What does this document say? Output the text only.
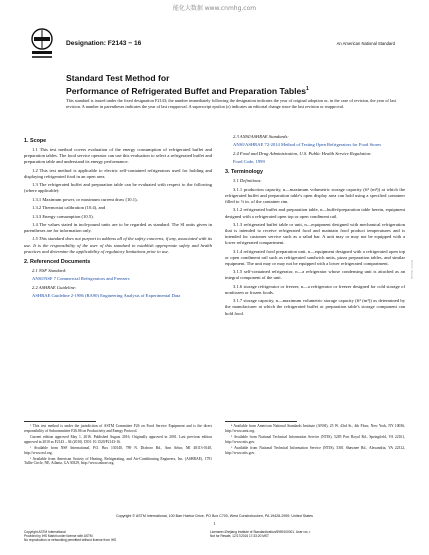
能化大数据 www.cnmhg.com
Designation: F2143 − 16	An American National Standard
Standard Test Method for
Performance of Refrigerated Buffet and Preparation Tables$^1$
This standard is issued under the fixed designation F2143; the number immediately following the designation indicates the year of original adoption or, in the case of revision, the year of last revision. A number in parentheses indicates the year of last reapproval. A superscript epsilon (ε) indicates an editorial change since the last revision or reapproval.
1. Scope

1.1 This test method covers evaluation of the energy consumption of refrigerated buffet and preparation tables. The food service operator can use this evaluation to select a refrigerated buffet and preparation table and understand its energy performance.

1.2 This test method is applicable to electric self-contained refrigerators used for holding and displaying refrigerated food in an open area.

1.3 The refrigerated buffet and preparation table can be evaluated with respect to the following (where applicable):

1.3.1 Maximum power, or maximum current draw (10.1),

1.3.2 Thermostat calibration (10.4), and

1.3.3 Energy consumption (10.5).

1.4 The values stated in inch-pound units are to be regarded as standard. The SI units given in parentheses are for information only.

1.5 This standard does not purport to address all of the safety concerns, if any, associated with its use. It is the responsibility of the user of this standard to establish appropriate safety and health practices and determine the applicability of regulatory limitations prior to use.

2. Referenced Documents

2.1 NSF Standard:

ANSI/NSF 7 Commercial Refrigerators and Freezers

2.2 ASHRAE Guideline:

ASHRAE Guideline 2-1986 (RA90) Engineering Analysis of Experimental Data

2.3 ANSI/ASHRAE Standards:

ANSI/ASHRAE 72-2014 Method of Testing Open Refrigerators for Food Stores

2.4 Food and Drug Administration, U.S. Public Health Service Regulation:

Food Code, 1999

3. Terminology

3.1 Definitions:

3.1.1 production capacity, n—maximum volumetric storage capacity (ft³ (m³)) at which the refrigerated buffet and preparation table's open display area can hold using a specified container filled to ½ in. of the container rim.

3.1.2 refrigerated buffet and preparation table, n—buffet/preparation table herein, equipment designed with a refrigerated open top or open condiment rail.

3.1.3 refrigerated buffet table or unit, n—equipment designed with mechanical refrigeration that is intended to receive refrigerated food and maintain food product temperatures and is intended for customer service such as a salad bar. A unit may or may not be equipped with a lower refrigerated compartment.

3.1.4 refrigerated food preparation unit, n—equipment designed with a refrigerated open top or open condiment rail such as refrigerated sandwich units, pizza preparation tables, and similar equipment. The unit may or may not be equipped with a lower refrigerated compartment.

3.1.5 self-contained refrigerator, n—a refrigerator whose condensing unit is attached as an integral component of the unit.

3.1.6 storage refrigerator or freezer, n—a refrigerator or freezer designed for cold storage of nonfrozen or frozen foods.

3.1.7 storage capacity, n—maximum volumetric storage capacity (ft³ (m³)) as determined by the manufacturer at which the refrigerated buffet or preparation table's storage component can hold food.

¹ This test method is under the jurisdiction of ASTM Committee F26 on Food Service Equipment and is the direct responsibility of Subcommittee F26.06 on Productivity and Energy Protocol.

Current edition approved May 1, 2016. Published August 2016. Originally approved in 2001. Last previous edition approved in 2010 as F2143 – 04 (2010). DOI: 10.1520/F2143-16.

² Available from NSF International, P.O. Box 130140, 789 N. Dixboro Rd., Ann Arbor, MI 48113-0140, http://www.nsf.org.

³ Available from American Society of Heating, Refrigerating, and Air-Conditioning Engineers, Inc. (ASHRAE), 1791 Tullie Circle, NE, Atlanta, GA 30329, http://www.ashrae.org.

⁴ Available from American National Standards Institute (ANSI), 25 W. 43rd St., 4th Floor, New York, NY 10036, http://www.ansi.org.

⁵ Available from National Technical Information Service (NTIS), 5285 Port Royal Rd., Springfield, VA 22161, http://www.ntis.gov.

⁶ Available from National Technical Information Service (NTIS), 5301 Shawnee Rd., Alexandria, VA 22312, http://www.ntis.gov.

Copyright © ASTM International, 100 Barr Harbor Drive, PO Box C700, West Conshohocken, PA 19428-2959. United States
1
Copyright ASTM International
Provided by IHS Markit under license with ASTM
No reproduction or networking permitted without license from IHS
Licensee=Zhejiang Institute of Standardization/5959100001, User=xx, r
Not for Resale, 12/17/2016 17:33:20 MST
Not for Resale
